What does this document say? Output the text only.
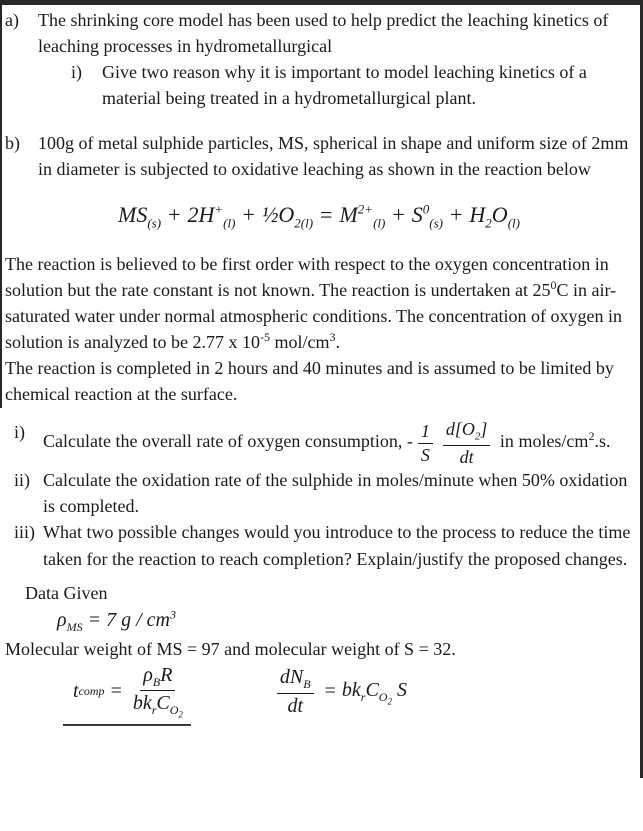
a)	The shrinking core model has been used to help predict the leaching kinetics of leaching processes in hydrometallurgical
i)	Give two reason why it is important to model leaching kinetics of a material being treated in a hydrometallurgical plant.
b)	100g of metal sulphide particles, MS, spherical in shape and uniform size of 2mm in diameter is subjected to oxidative leaching as shown in the reaction below
$MS_{(s)} + 2H^+_{(l)}$ + $\frac{1}{2}O_{2(l)} = M^{2+}_{(l)} + S^0_{(s)} + H_2O_{(l)}$

The reaction is believed to be first order with respect to the oxygen concentration in solution but the rate constant is not known. The reaction is undertaken at $25^0C$ in air-saturated water under normal atmospheric conditions. The concentration of oxygen in solution is analyzed to be 2.77 x $10^{-5}$ mol/$cm^3$.

The reaction is completed in 2 hours and 40 minutes and is assumed to be limited by chemical reaction at the surface.

i)	Calculate the overall rate of oxygen consumption, - $\frac{1}{S} \frac{d[O_2]}{dt}$ in moles/$cm^2.s$.
ii) Calculate the oxidation rate of the sulphide in moles/minute when 50% oxidation is completed.
iii) What two possible changes would you introduce to the process to reduce the time taken for the reaction to reach completion? Explain/justify the proposed changes.
Data Given
$\rho_{MS} = 7$ g / $cm^3$
Molecular weight of MS = 97 and molecular weight of S = 32.
t comp = $\frac{\rho_BR}{bk_rC_{O_2}}$	$\frac{dN_B}{dt} = bk_rC_{O_2}$ S
